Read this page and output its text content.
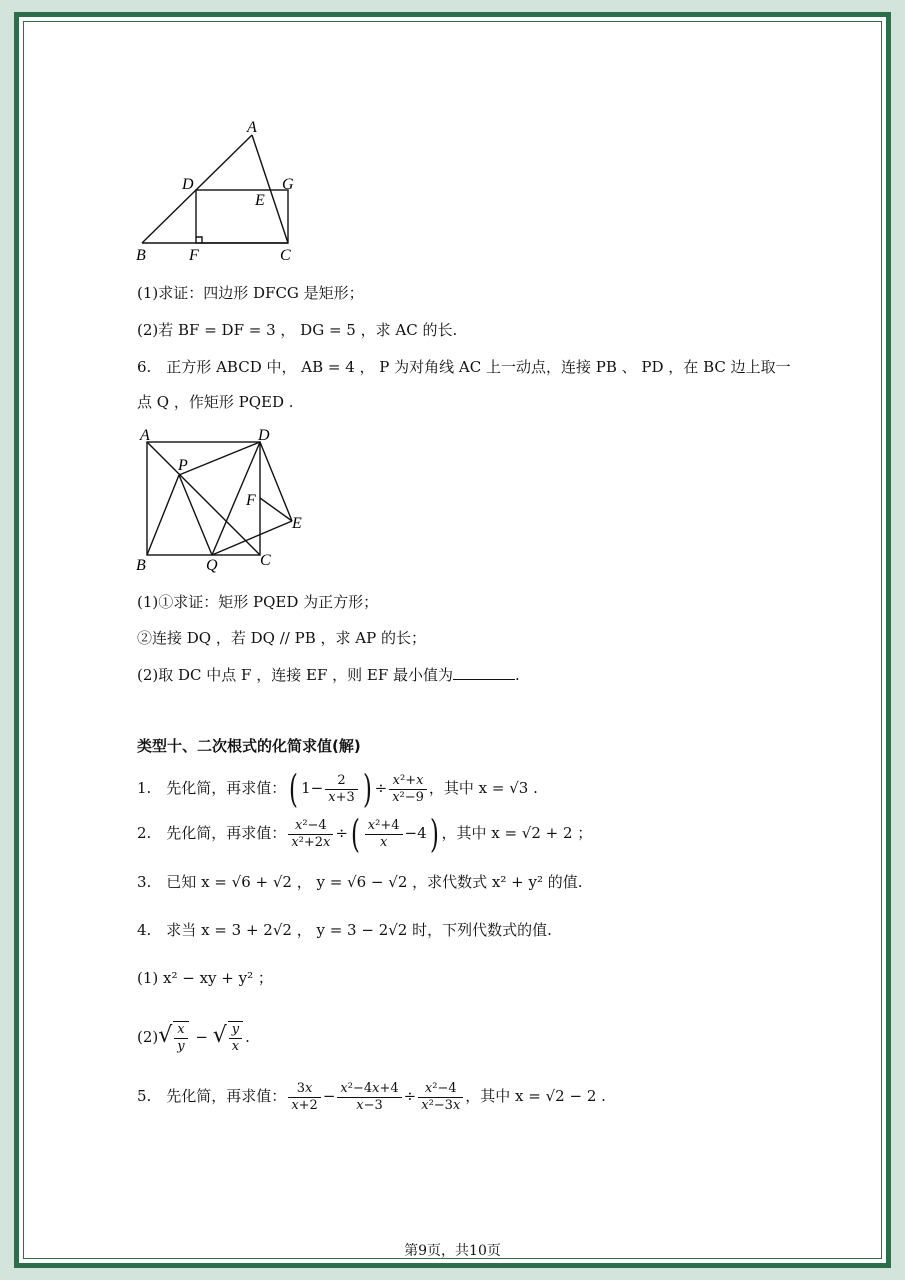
A
D	G
E
B	F	C
(1)求证：四边形 DFCG 是矩形；
(2)若 BF = DF = 3 ， DG = 5 ，求 AC 的长.
6.　正方形 ABCD 中， AB = 4 ， P 为对角线 AC 上一动点，连接 PB 、 PD ，在 BC 边上取一
点 Q ，作矩形 PQED .
A	D
P
F
E
B	Q	C
(1)①求证：矩形 PQED 为正方形；
②连接 DQ ，若 DQ // PB ，求 AP 的长；
(2)取 DC 中点 F ，连接 EF ，则 EF 最小值为	.
类型十、二次根式的化简求值(解)
1.　先化简，再求值：( $1- \frac{2}{x+3}$ ) ÷ $\frac{\text{x²+x}}{\text{x²−9}}$ ，其中 x = √3 .
2.　先化简，再求值： $\frac{\text{x²−4}}{\text{x²+2x}}$ ÷( $\frac{\text{x²+4}}{x} -4$) ，其中 x = √2 + 2 ；
3.　已知 x = √6 + √2 ， y = √6 − √2 ，求代数式 x² + y² 的值.
4.　求当 x = 3 + 2√2 ， y = 3 − 2√2 时，下列代数式的值.
(1) x² − xy + y² ；
$(2)√ \frac{x}{y}$ − √ $\frac{y}{x}$ .
5.　先化简，再求值： $\frac{3x}{x+2} - \frac{\text{x²−4x+4}}{x-3} \div \frac{\text{x²−4}}{\text{x²−3x}}$ ，其中 x = √2 − 2 .
第9页，共10页
